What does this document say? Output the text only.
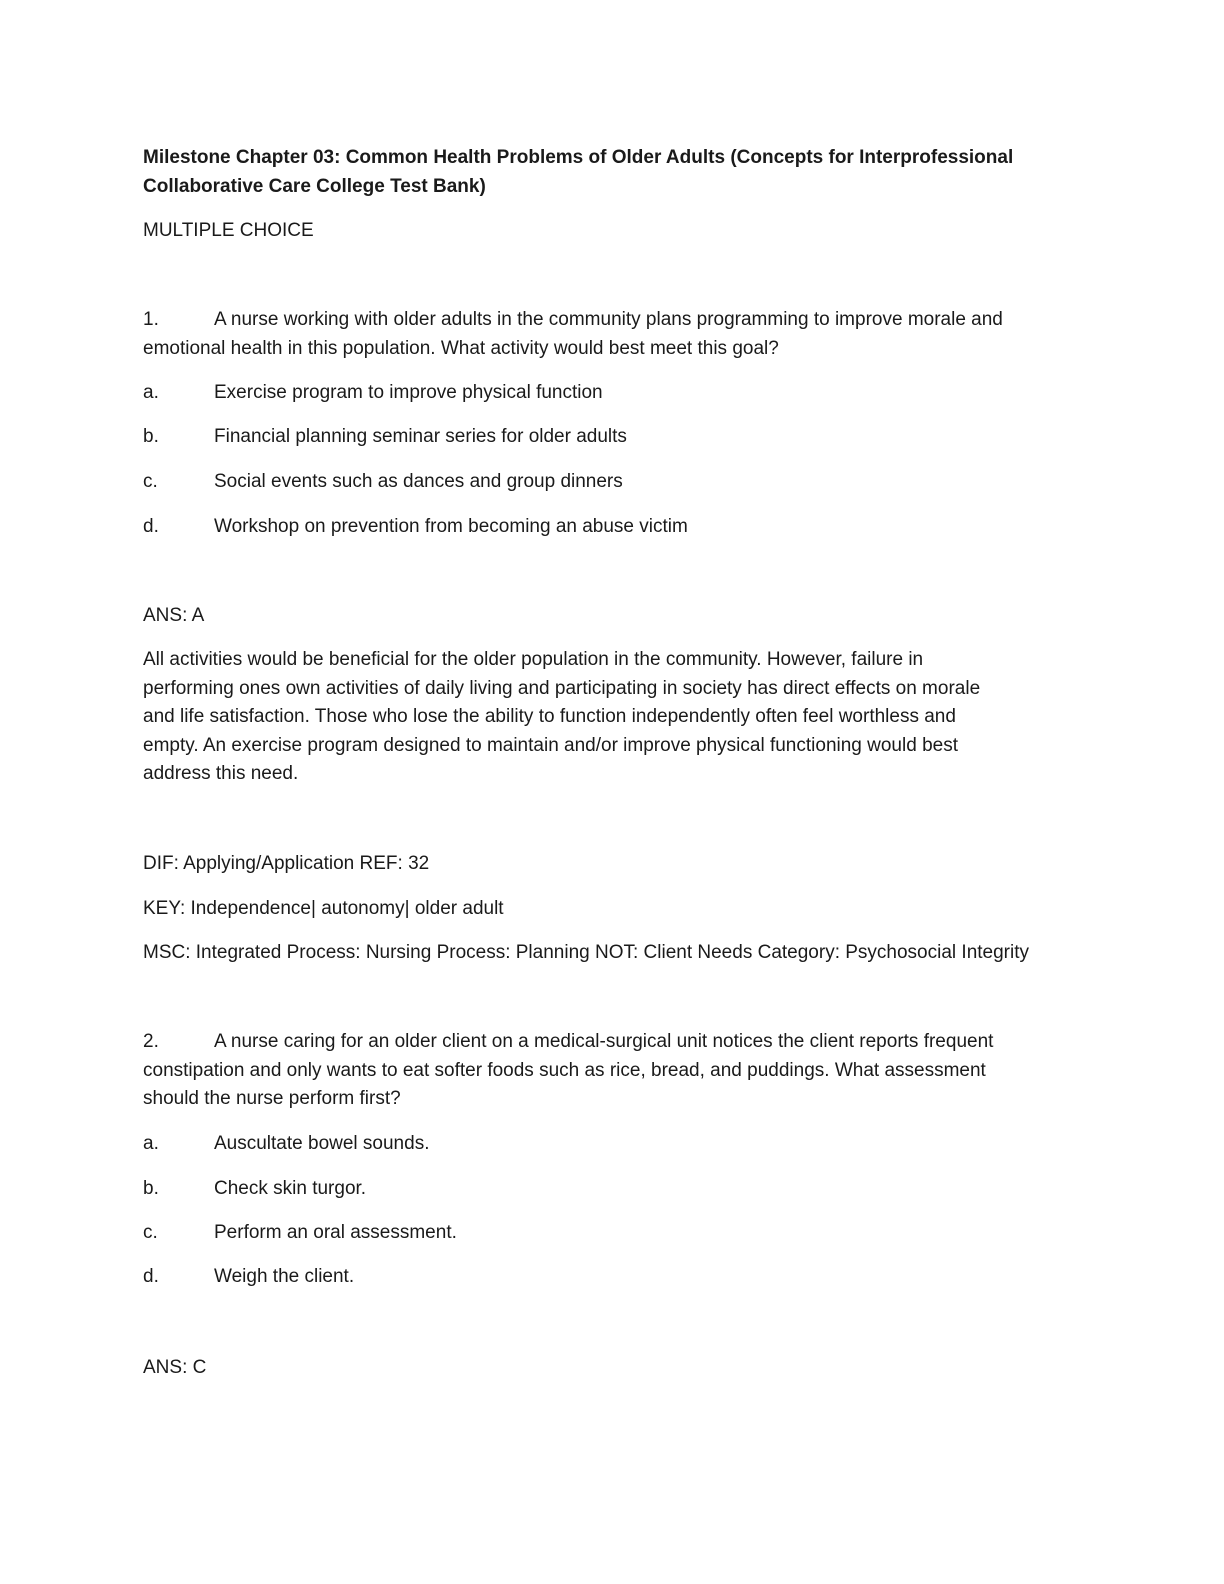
Milestone Chapter 03: Common Health Problems of Older Adults (Concepts for Interprofessional
Collaborative Care College Test Bank)
MULTIPLE CHOICE
1.	A nurse working with older adults in the community plans programming to improve morale and
emotional health in this population. What activity would best meet this goal?
a.	Exercise program to improve physical function
b.	Financial planning seminar series for older adults
c.	Social events such as dances and group dinners
d.	Workshop on prevention from becoming an abuse victim
ANS: A
All activities would be beneficial for the older population in the community. However, failure in
performing ones own activities of daily living and participating in society has direct effects on morale
and life satisfaction. Those who lose the ability to function independently often feel worthless and
empty. An exercise program designed to maintain and/or improve physical functioning would best
address this need.
DIF: Applying/Application REF: 32
KEY: Independence| autonomy| older adult
MSC: Integrated Process: Nursing Process: Planning NOT: Client Needs Category: Psychosocial Integrity
2.	A nurse caring for an older client on a medical-surgical unit notices the client reports frequent
constipation and only wants to eat softer foods such as rice, bread, and puddings. What assessment
should the nurse perform first?
a.	Auscultate bowel sounds.
b.	Check skin turgor.
c.	Perform an oral assessment.
d.	Weigh the client.
ANS: C
